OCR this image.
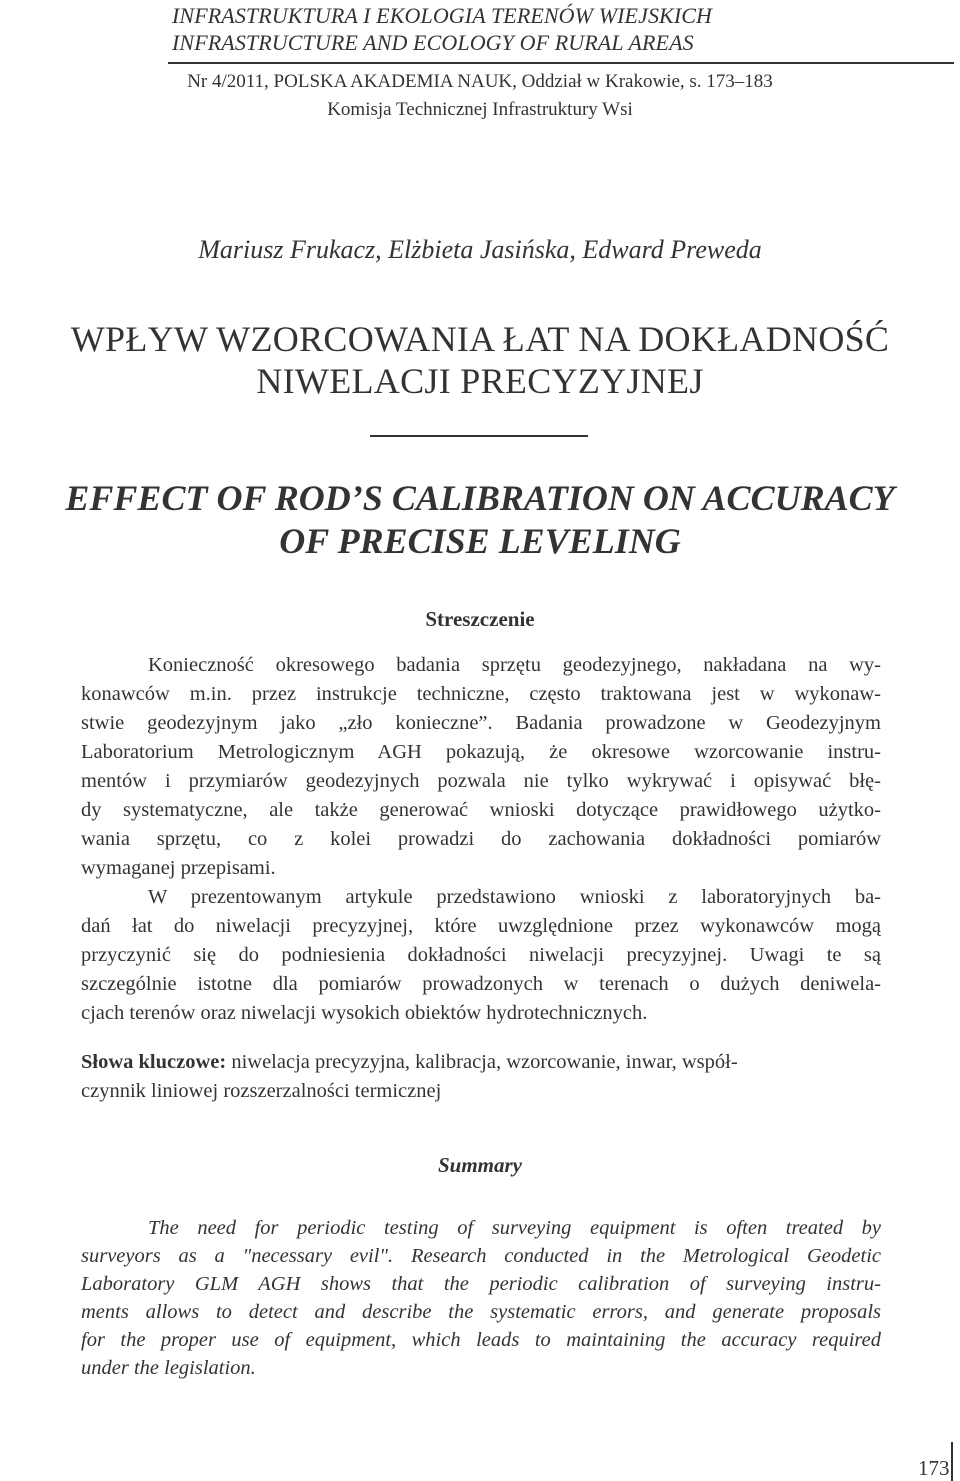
INFRASTRUKTURA I EKOLOGIA TERENÓW WIEJSKICH
INFRASTRUCTURE AND ECOLOGY OF RURAL AREAS
Nr 4/2011, POLSKA AKADEMIA NAUK, Oddział w Krakowie, s. 173–183
Komisja Technicznej Infrastruktury Wsi
Mariusz Frukacz, Elżbieta Jasińska, Edward Preweda
WPŁYW WZORCOWANIA ŁAT NA DOKŁADNOŚĆ
NIWELACJI PRECYZYJNEJ
EFFECT OF ROD’S CALIBRATION ON ACCURACY
OF PRECISE LEVELING
Streszczenie
Konieczność okresowego badania sprzętu geodezyjnego, nakładana na wy-
konawców m.in. przez instrukcje techniczne, często traktowana jest w wykonaw-
stwie geodezyjnym jako „zło konieczne”. Badania prowadzone w Geodezyjnym
Laboratorium Metrologicznym AGH pokazują, że okresowe wzorcowanie instru-
mentów i przymiarów geodezyjnych pozwala nie tylko wykrywać i opisywać błę-
dy systematyczne, ale także generować wnioski dotyczące prawidłowego użytko-
wania sprzętu, co z kolei prowadzi do zachowania dokładności pomiarów
wymaganej przepisami.
W prezentowanym artykule przedstawiono wnioski z laboratoryjnych ba-
dań łat do niwelacji precyzyjnej, które uwzględnione przez wykonawców mogą
przyczynić się do podniesienia dokładności niwelacji precyzyjnej. Uwagi te są
szczególnie istotne dla pomiarów prowadzonych w terenach o dużych deniwela-
cjach terenów oraz niwelacji wysokich obiektów hydrotechnicznych.
Słowa kluczowe: niwelacja precyzyjna, kalibracja, wzorcowanie, inwar, współ-
czynnik liniowej rozszerzalności termicznej
Summary
The need for periodic testing of surveying equipment is often treated by
surveyors as a "necessary evil". Research conducted in the Metrological Geodetic
Laboratory GLM AGH shows that the periodic calibration of surveying instru-
ments allows to detect and describe the systematic errors, and generate proposals
for the proper use of equipment, which leads to maintaining the accuracy required
under the legislation.
173
